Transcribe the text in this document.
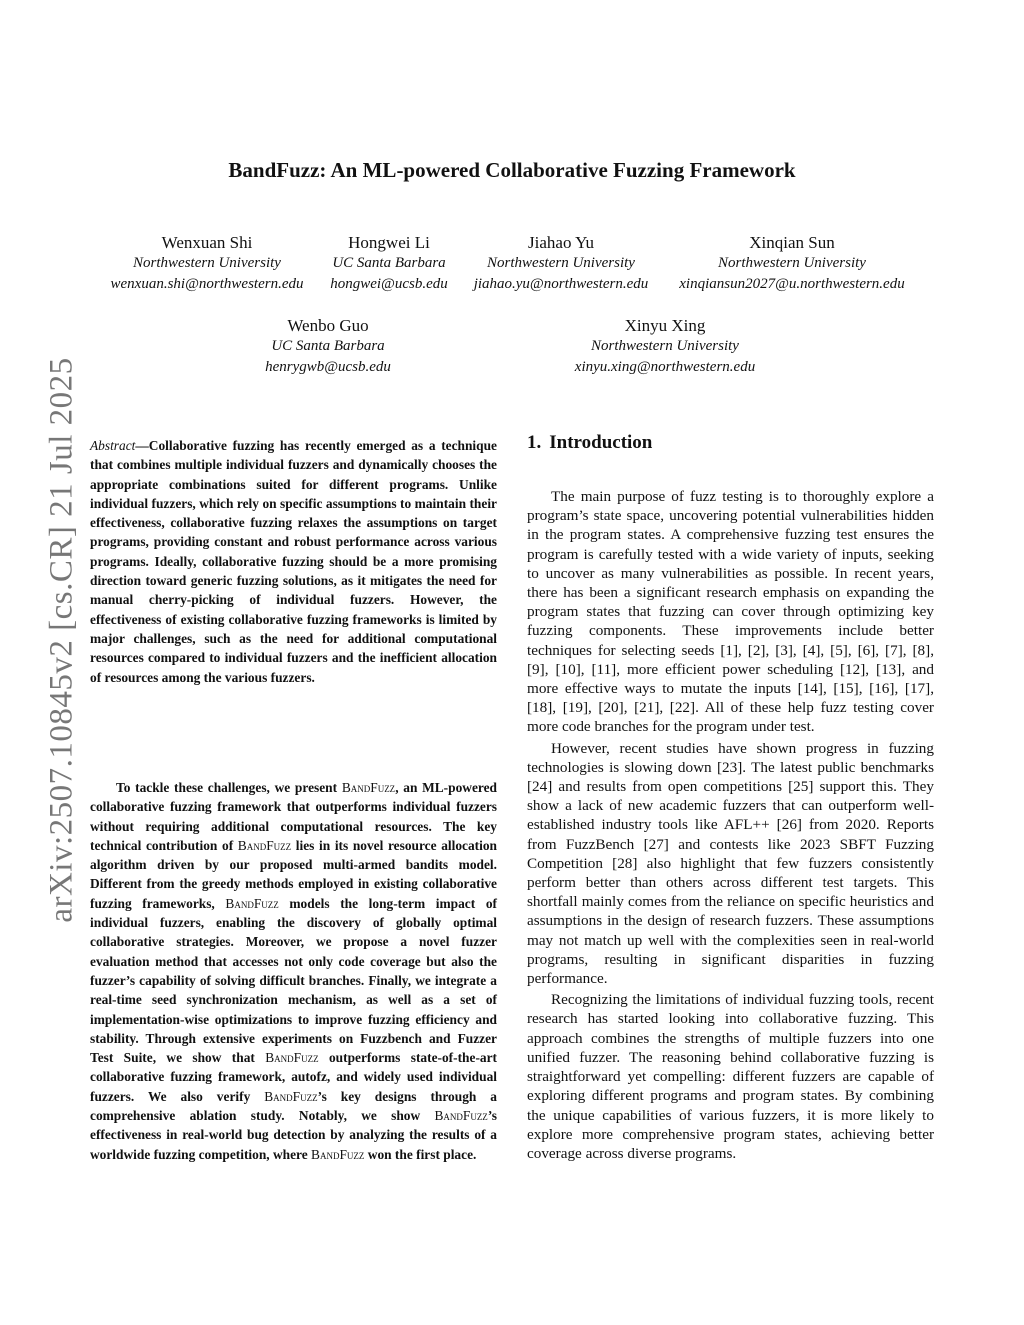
arXiv:2507.10845v2 [cs.CR] 21 Jul 2025
BandFuzz: An ML-powered Collaborative Fuzzing Framework
Wenxuan Shi
Northwestern University
wenxuan.shi@northwestern.edu
Hongwei Li
UC Santa Barbara
hongwei@ucsb.edu
Jiahao Yu
Northwestern University
jiahao.yu@northwestern.edu
Xinqian Sun
Northwestern University
xinqiansun2027@u.northwestern.edu
Wenbo Guo
UC Santa Barbara
henrygwb@ucsb.edu
Xinyu Xing
Northwestern University
xinyu.xing@northwestern.edu

Abstract—Collaborative fuzzing has recently emerged as a technique that combines multiple individual fuzzers and dynamically chooses the appropriate combinations suited for different programs. Unlike individual fuzzers, which rely on specific assumptions to maintain their effectiveness, collaborative fuzzing relaxes the assumptions on target programs, providing constant and robust performance across various programs. Ideally, collaborative fuzzing should be a more promising direction toward generic fuzzing solutions, as it mitigates the need for manual cherry-picking of individual fuzzers. However, the effectiveness of existing collaborative fuzzing frameworks is limited by major challenges, such as the need for additional computational resources compared to individual fuzzers and the inefficient allocation of resources among the various fuzzers.

To tackle these challenges, we present BandFuzz, an ML-powered collaborative fuzzing framework that outperforms individual fuzzers without requiring additional computational resources. The key technical contribution of BandFuzz lies in its novel resource allocation algorithm driven by our proposed multi-armed bandits model. Different from the greedy methods employed in existing collaborative fuzzing frameworks, BandFuzz models the long-term impact of individual fuzzers, enabling the discovery of globally optimal collaborative strategies. Moreover, we propose a novel fuzzer evaluation method that accesses not only code coverage but also the fuzzer’s capability of solving difficult branches. Finally, we integrate a real-time seed synchronization mechanism, as well as a set of implementation-wise optimizations to improve fuzzing efficiency and stability. Through extensive experiments on Fuzzbench and Fuzzer Test Suite, we show that BandFuzz outperforms state-of-the-art collaborative fuzzing framework, autofz, and widely used individual fuzzers. We also verify BandFuzz’s key designs through a comprehensive ablation study. Notably, we show BandFuzz’s effectiveness in real-world bug detection by analyzing the results of a worldwide fuzzing competition, where BandFuzz won the first place.

1. Introduction

The main purpose of fuzz testing is to thoroughly explore a program’s state space, uncovering potential vulnerabilities hidden in the program states. A comprehensive fuzzing test ensures the program is carefully tested with a wide variety of inputs, seeking to uncover as many vulnerabilities as possible. In recent years, there has been a significant research emphasis on expanding the program states that fuzzing can cover through optimizing key fuzzing components. These improvements include better techniques for selecting seeds [1], [2], [3], [4], [5], [6], [7], [8], [9], [10], [11], more efficient power scheduling [12], [13], and more effective ways to mutate the inputs [14], [15], [16], [17], [18], [19], [20], [21], [22]. All of these help fuzz testing cover more code branches for the program under test.

However, recent studies have shown progress in fuzzing technologies is slowing down [23]. The latest public benchmarks [24] and results from open competitions [25] support this. They show a lack of new academic fuzzers that can outperform well-established industry tools like AFL++ [26] from 2020. Reports from FuzzBench [27] and contests like 2023 SBFT Fuzzing Competition [28] also highlight that few fuzzers consistently perform better than others across different test targets. This shortfall mainly comes from the reliance on specific heuristics and assumptions in the design of research fuzzers. These assumptions may not match up well with the complexities seen in real-world programs, resulting in significant disparities in fuzzing performance.

Recognizing the limitations of individual fuzzing tools, recent research has started looking into collaborative fuzzing. This approach combines the strengths of multiple fuzzers into one unified fuzzer. The reasoning behind collaborative fuzzing is straightforward yet compelling: different fuzzers are capable of exploring different programs and program states. By combining the unique capabilities of various fuzzers, it is more likely to explore more comprehensive program states, achieving better coverage across diverse programs.
